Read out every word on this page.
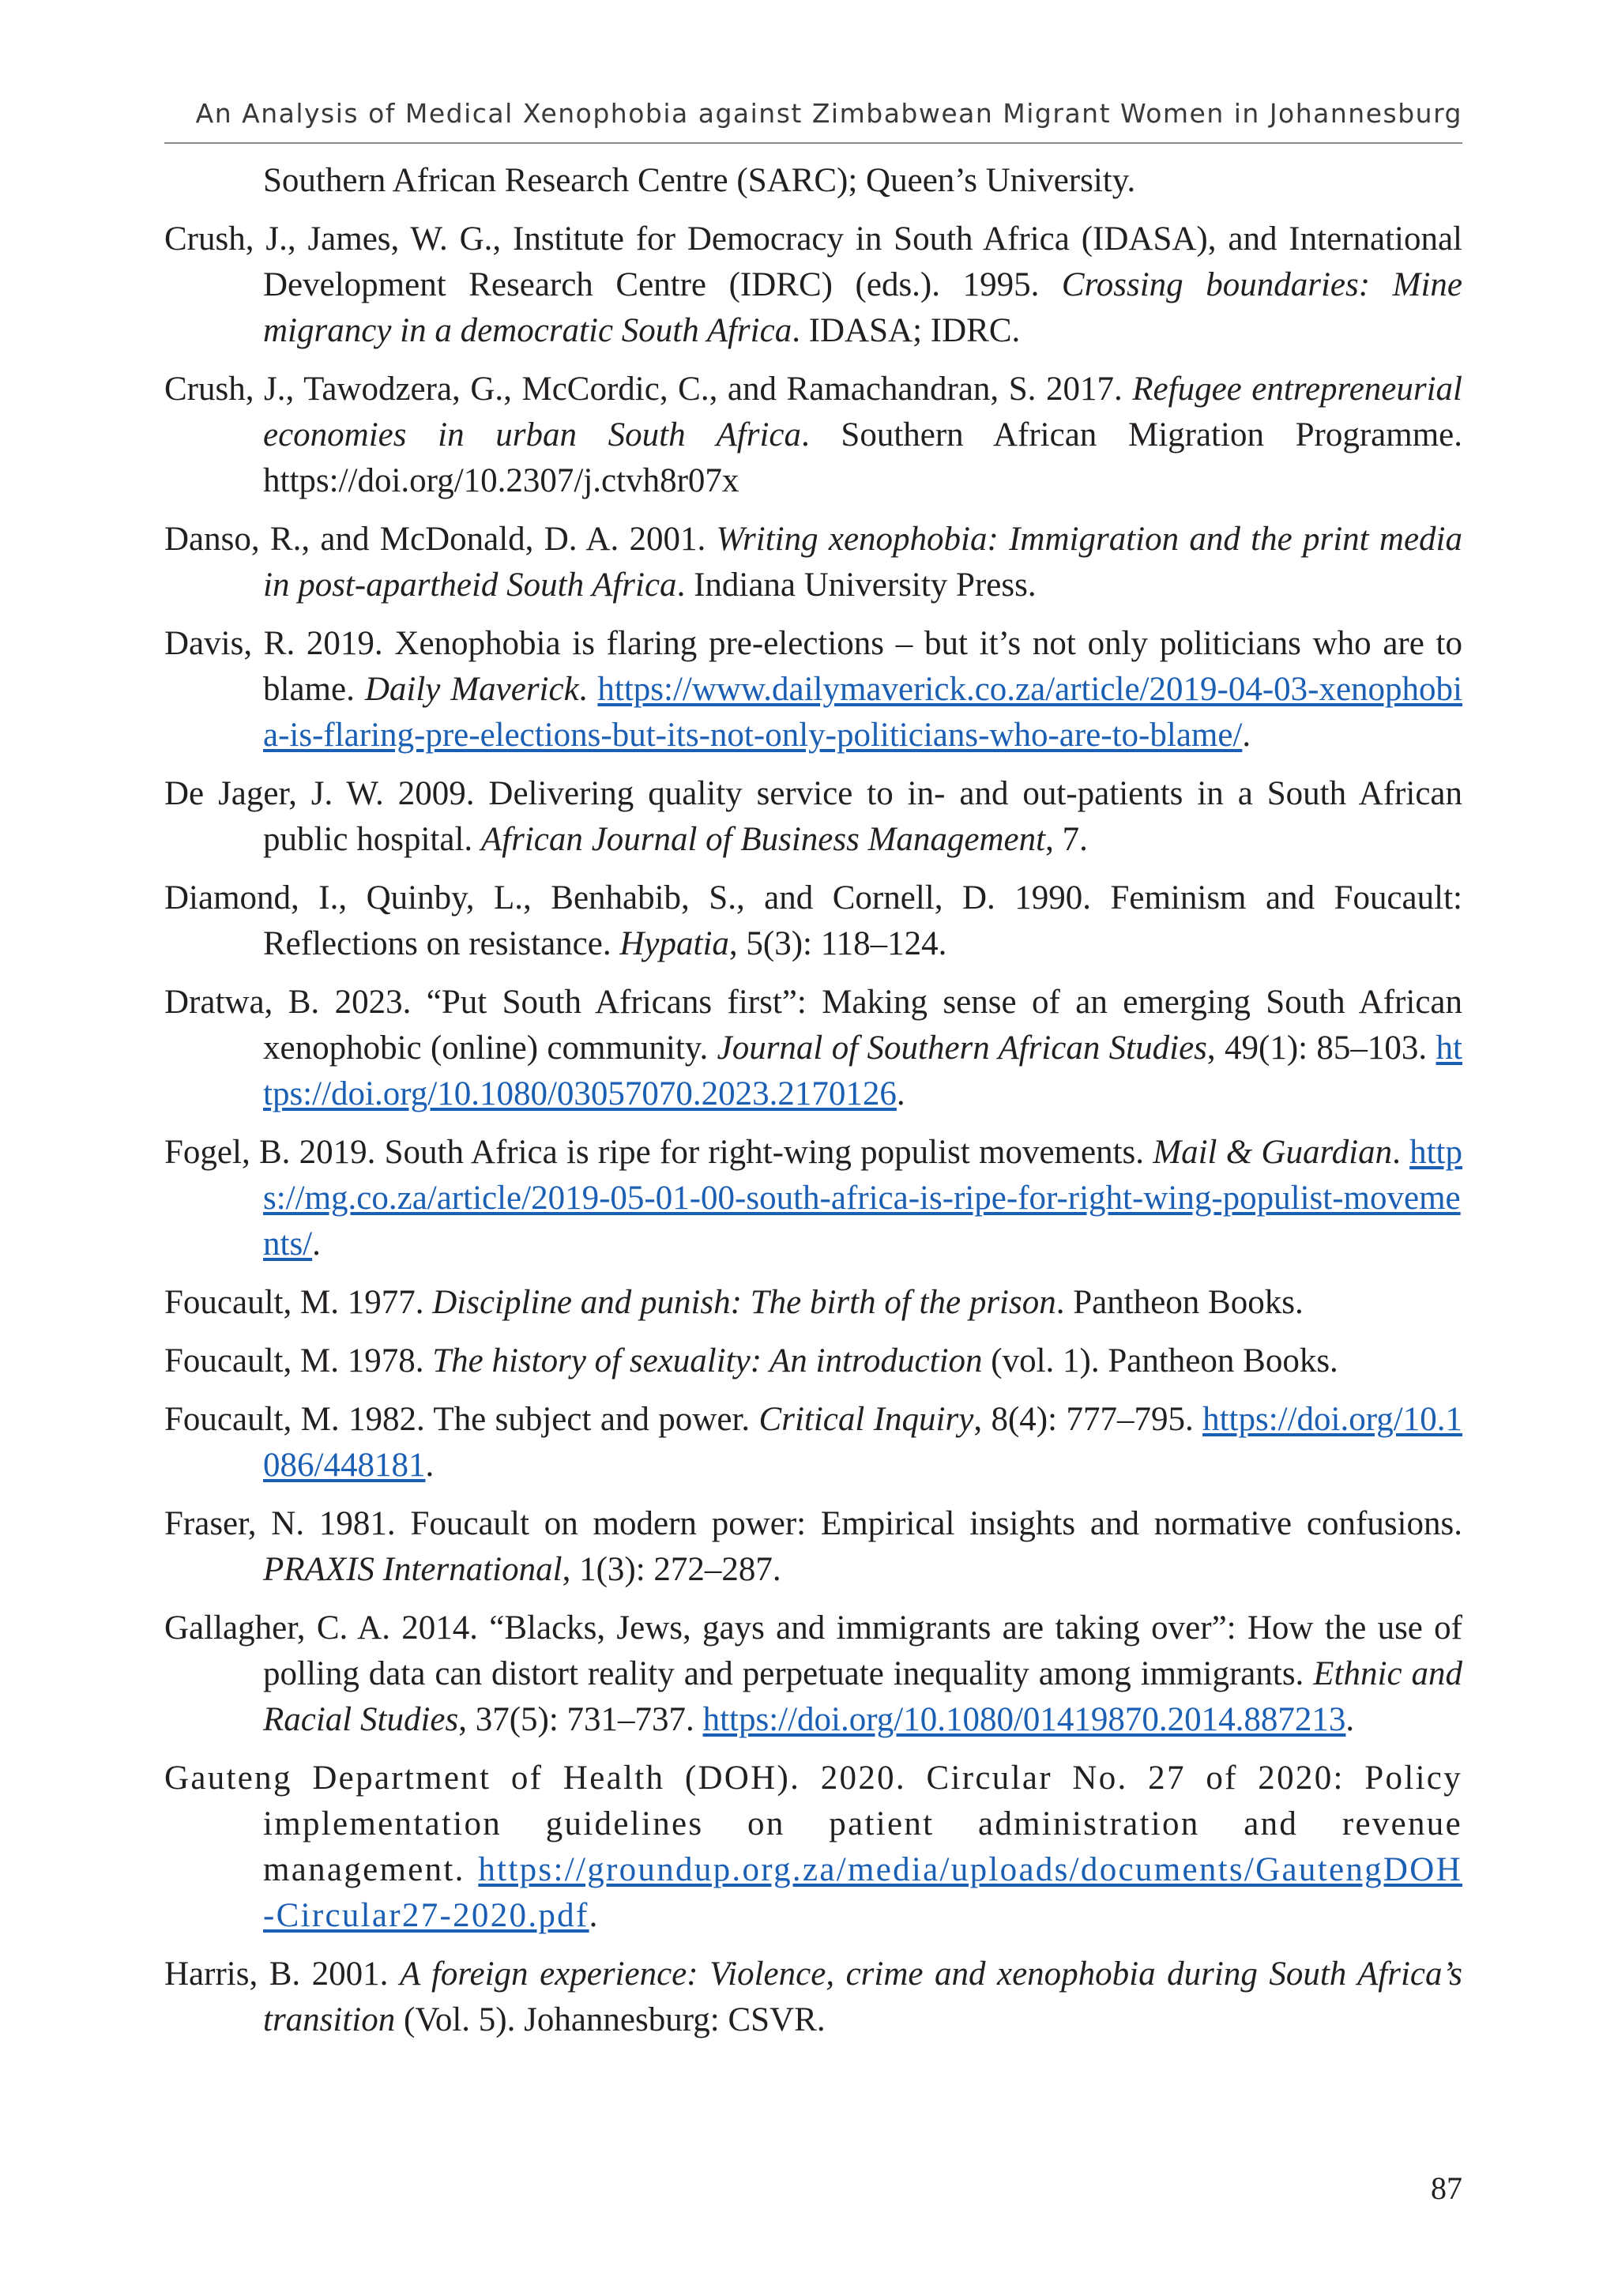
An Analysis of Medical Xenophobia against Zimbabwean Migrant Women in Johannesburg

Southern African Research Centre (SARC); Queen’s University.

Crush, J., James, W. G., Institute for Democracy in South Africa (IDASA), and International Development Research Centre (IDRC) (eds.). 1995. Crossing boundaries: Mine migrancy in a democratic South Africa. IDASA; IDRC.

Crush, J., Tawodzera, G., McCordic, C., and Ramachandran, S. 2017. Refugee entrepreneurial economies in urban South Africa. Southern African Migration Programme. https://doi.org/10.2307/j.ctvh8r07x

Danso, R., and McDonald, D. A. 2001. Writing xenophobia: Immigration and the print media in post-apartheid South Africa. Indiana University Press.

Davis, R. 2019. Xenophobia is flaring pre-elections – but it’s not only politicians who are to blame. Daily Maverick. https://www.dailymaverick.co.za/article/2019-04-03-xenophobia-is-flaring-pre-elections-but-its-not-only-politicians-who-are-to-blame/.

De Jager, J. W. 2009. Delivering quality service to in- and out-patients in a South African public hospital. African Journal of Business Management, 7.

Diamond, I., Quinby, L., Benhabib, S., and Cornell, D. 1990. Feminism and Foucault: Reflections on resistance. Hypatia, 5(3): 118–124.

Dratwa, B. 2023. “Put South Africans first”: Making sense of an emerging South African xenophobic (online) community. Journal of Southern African Studies, 49(1): 85–103. https://doi.org/10.1080/03057070.2023.2170126.

Fogel, B. 2019. South Africa is ripe for right-wing populist movements. Mail & Guardian. https://mg.co.za/article/2019-05-01-00-south-africa-is-ripe-for-right-wing-populist-movements/.

Foucault, M. 1977. Discipline and punish: The birth of the prison. Pantheon Books.

Foucault, M. 1978. The history of sexuality: An introduction (vol. 1). Pantheon Books.

Foucault, M. 1982. The subject and power. Critical Inquiry, 8(4): 777–795. https://doi.org/10.1086/448181.

Fraser, N. 1981. Foucault on modern power: Empirical insights and normative confusions. PRAXIS International, 1(3): 272–287.

Gallagher, C. A. 2014. “Blacks, Jews, gays and immigrants are taking over”: How the use of polling data can distort reality and perpetuate inequality among immigrants. Ethnic and Racial Studies, 37(5): 731–737. https://doi.org/10.1080/01419870.2014.887213.

Gauteng Department of Health (DOH). 2020. Circular No. 27 of 2020: Policy implementation guidelines on patient administration and revenue management. https://groundup.org.za/media/uploads/documents/GautengDOH-Circular27-2020.pdf.

Harris, B. 2001. A foreign experience: Violence, crime and xenophobia during South Africa’s transition (Vol. 5). Johannesburg: CSVR.

87
